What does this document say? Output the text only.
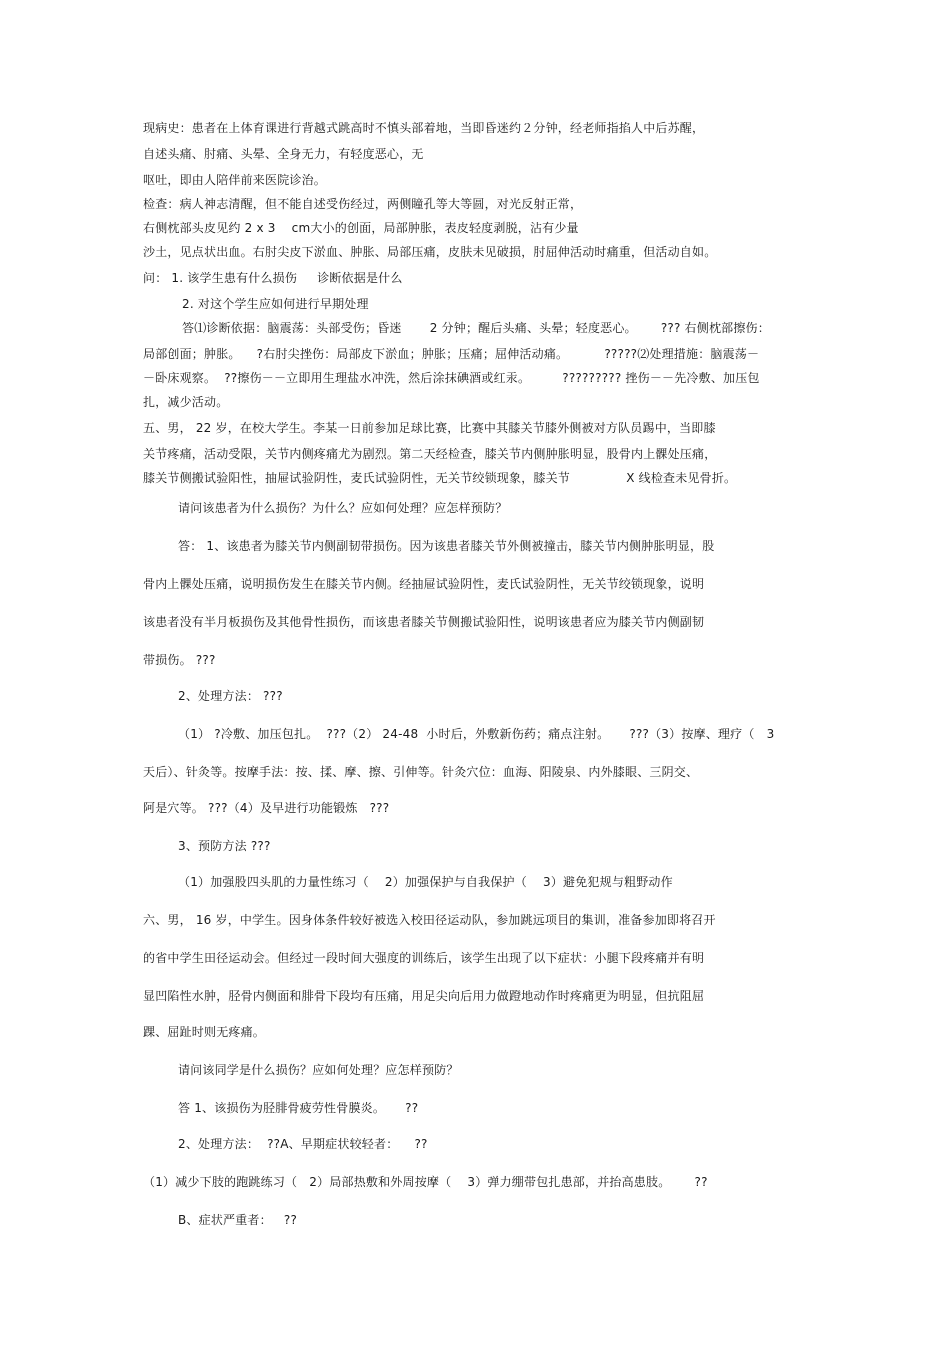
现病史：患者在上体育课进行背越式跳高时不慎头部着地，当即昏迷约２分钟，经老师指掐人中后苏醒，
自述头痛、肘痛、头晕、全身无力，有轻度恶心，无
呕吐，即由人陪伴前来医院诊治。
检查：病人神志清醒，但不能自述受伤经过，两侧瞳孔等大等圆，对光反射正常，
右侧枕部头皮见约 2 x 3    cm大小的创面，局部肿胀，表皮轻度剥脱，沾有少量
沙土，见点状出血。右肘尖皮下淤血、肿胀、局部压痛，皮肤未见破损，肘屈伸活动时痛重，但活动自如。
问： 1. 该学生患有什么损伤     诊断依据是什么
2. 对这个学生应如何进行早期处理
答⑴诊断依据：脑震荡：头部受伤；昏迷       2 分钟；醒后头痛、头晕；轻度恶心。      ??? 右侧枕部擦伤：
局部创面；肿胀。    ?右肘尖挫伤：局部皮下淤血；肿胀；压痛；屈伸活动痛。         ?????⑵处理措施：脑震荡－
－卧床观察。  ??擦伤－－立即用生理盐水冲洗，然后涂抹碘酒或红汞。        ????????? 挫伤－－先冷敷、加压包
扎，减少活动。
五、男， 22 岁，在校大学生。李某一日前参加足球比赛，比赛中其膝关节膝外侧被对方队员踢中，当即膝
关节疼痛，活动受限，关节内侧疼痛尤为剧烈。第二天经检查，膝关节内侧肿胀明显，股骨内上髁处压痛，
膝关节侧搬试验阳性，抽屉试验阴性，麦氏试验阴性，无关节绞锁现象，膝关节              X 线检查未见骨折。
请问该患者为什么损伤？为什么？应如何处理？应怎样预防？
答： 1、该患者为膝关节内侧副韧带损伤。因为该患者膝关节外侧被撞击，膝关节内侧肿胀明显，股
骨内上髁处压痛，说明损伤发生在膝关节内侧。经抽屉试验阴性，麦氏试验阴性，无关节绞锁现象，说明
该患者没有半月板损伤及其他骨性损伤，而该患者膝关节侧搬试验阳性，说明该患者应为膝关节内侧副韧
带损伤。 ???
2、处理方法： ???
（1） ?冷敷、加压包扎。  ???（2） 24-48  小时后，外敷新伤药；痛点注射。     ???（3）按摩、理疗（   3
天后）、针灸等。按摩手法：按、揉、摩、擦、引伸等。针灸穴位：血海、阳陵泉、内外膝眼、三阴交、
阿是穴等。 ???（4）及早进行功能锻炼   ???
3、预防方法 ???
（1）加强股四头肌的力量性练习（    2）加强保护与自我保护（    3）避免犯规与粗野动作
六、男， 16 岁，中学生。因身体条件较好被选入校田径运动队，参加跳远项目的集训，准备参加即将召开
的省中学生田径运动会。但经过一段时间大强度的训练后，该学生出现了以下症状：小腿下段疼痛并有明
显凹陷性水肿，胫骨内侧面和腓骨下段均有压痛，用足尖向后用力做蹬地动作时疼痛更为明显，但抗阻屈
踝、屈趾时则无疼痛。
请问该同学是什么损伤？应如何处理？应怎样预防？
答 1、该损伤为胫腓骨疲劳性骨膜炎。     ??
2、处理方法：  ??A、早期症状较轻者：    ??
（1）减少下肢的跑跳练习（   2）局部热敷和外周按摩（    3）弹力绷带包扎患部，并抬高患肢。      ??
B、症状严重者：   ??
